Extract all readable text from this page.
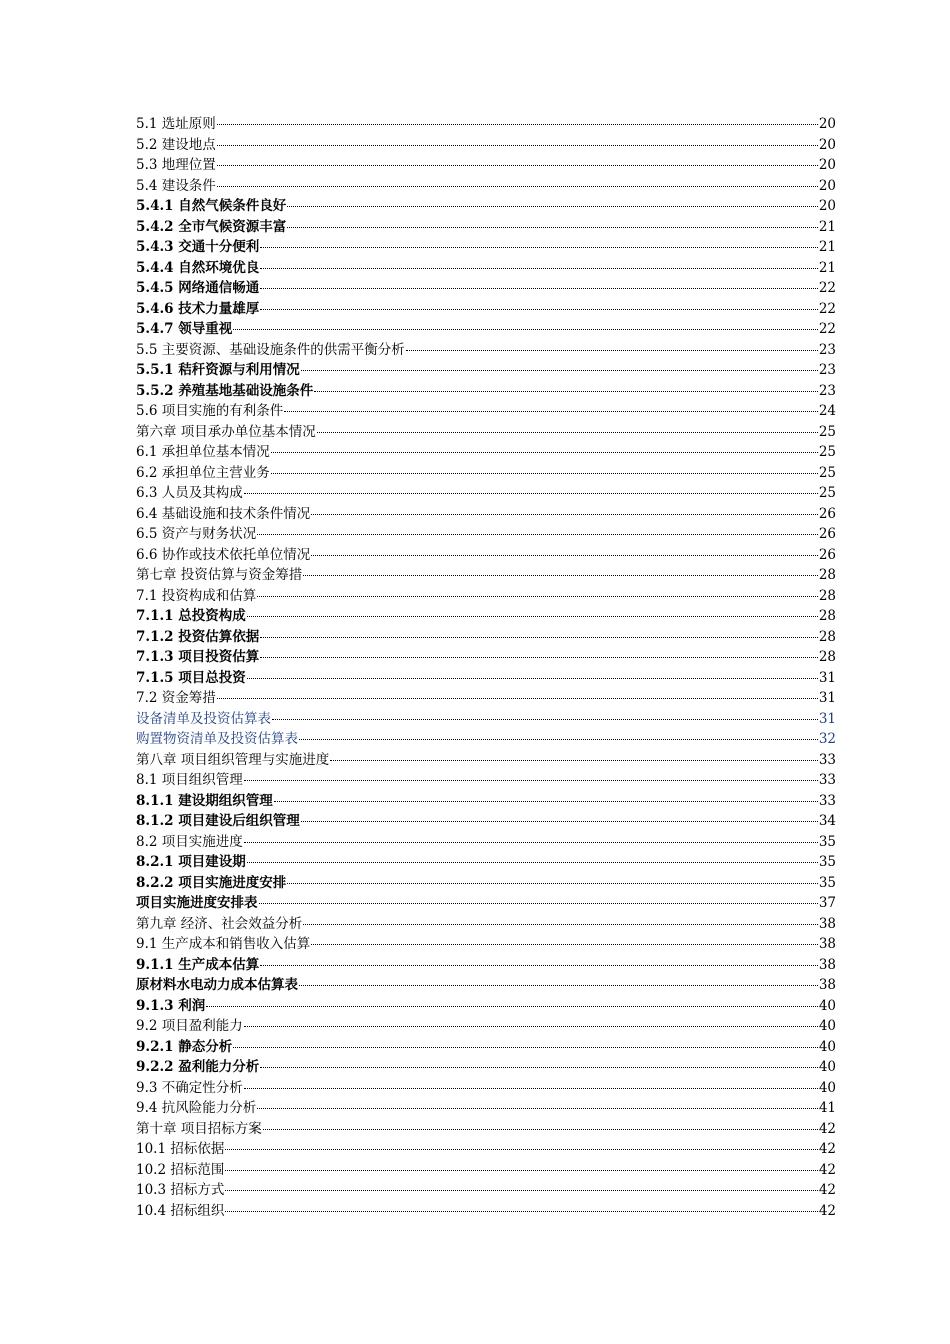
5.1 选址原则	20
5.2 建设地点	20
5.3 地理位置	20
5.4 建设条件	20
5.4.1 自然气候条件良好	20
5.4.2 全市气候资源丰富	21
5.4.3 交通十分便利	21
5.4.4 自然环境优良	21
5.4.5 网络通信畅通	22
5.4.6 技术力量雄厚	22
5.4.7 领导重视	22
5.5 主要资源、基础设施条件的供需平衡分析	23
5.5.1 秸秆资源与利用情况	23
5.5.2 养殖基地基础设施条件	23
5.6 项目实施的有利条件	24
第六章 项目承办单位基本情况	25
6.1 承担单位基本情况	25
6.2 承担单位主营业务	25
6.3 人员及其构成	25
6.4 基础设施和技术条件情况	26
6.5 资产与财务状况	26
6.6 协作或技术依托单位情况	26
第七章 投资估算与资金筹措	28
7.1 投资构成和估算	28
7.1.1 总投资构成	28
7.1.2 投资估算依据	28
7.1.3 项目投资估算	28
7.1.5 项目总投资	31
7.2 资金筹措	31
设备清单及投资估算表	31
购置物资清单及投资估算表	32
第八章 项目组织管理与实施进度	33
8.1 项目组织管理	33
8.1.1 建设期组织管理	33
8.1.2 项目建设后组织管理	34
8.2 项目实施进度	35
8.2.1 项目建设期	35
8.2.2 项目实施进度安排	35
项目实施进度安排表	37
第九章 经济、社会效益分析	38
9.1 生产成本和销售收入估算	38
9.1.1 生产成本估算	38
原材料水电动力成本估算表	38
9.1.3 利润	40
9.2 项目盈利能力	40
9.2.1 静态分析	40
9.2.2 盈利能力分析	40
9.3 不确定性分析	40
9.4 抗风险能力分析	41
第十章 项目招标方案	42
10.1 招标依据	42
10.2 招标范围	42
10.3 招标方式	42
10.4 招标组织	42
